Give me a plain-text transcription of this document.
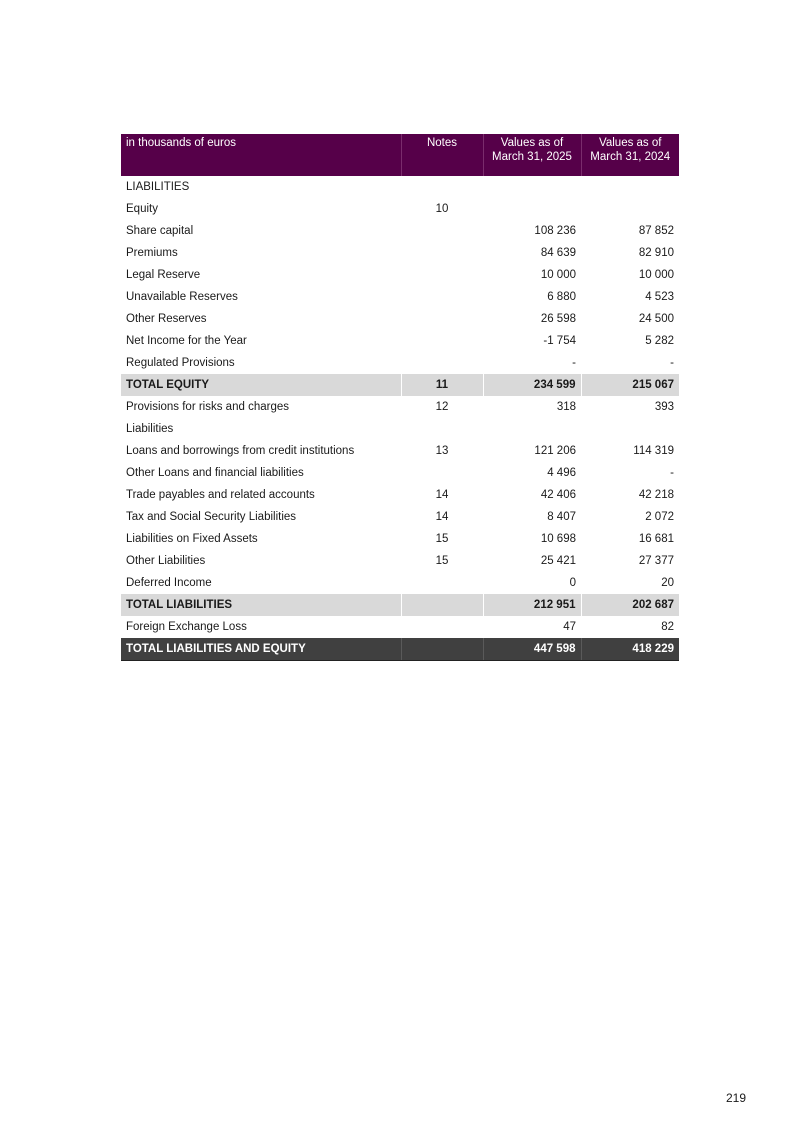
in thousands of euros	Notes	Values as of March 31, 2025	Values as of March 31, 2024
LIABILITIES			
Equity	10		
Share capital		108 236	87 852
Premiums		84 639	82 910
Legal Reserve		10 000	10 000
Unavailable Reserves		6 880	4 523
Other Reserves		26 598	24 500
Net Income for the Year		-1 754	5 282
Regulated Provisions		-	-
TOTAL EQUITY	11	234 599	215 067
Provisions for risks and charges	12	318	393
Liabilities			
Loans and borrowings from credit institutions	13	121 206	114 319
Other Loans and financial liabilities		4 496	-
Trade payables and related accounts	14	42 406	42 218
Tax and Social Security Liabilities	14	8 407	2 072
Liabilities on Fixed Assets	15	10 698	16 681
Other Liabilities	15	25 421	27 377
Deferred Income		0	20
TOTAL LIABILITIES		212 951	202 687
Foreign Exchange Loss		47	82
TOTAL LIABILITIES AND EQUITY		447 598	418 229
219
